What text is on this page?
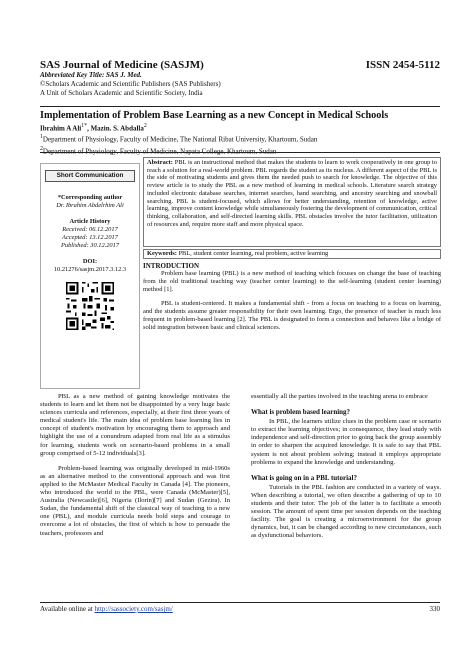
SAS Journal of Medicine (SASJM)	ISSN 2454-5112
Abbreviated Key Title: SAS J. Med.
©Scholars Academic and Scientific Publishers (SAS Publishers)
A Unit of Scholars Academic and Scientific Society, India
Implementation of Problem Base Learning as a new Concept in Medical Schools
Ibrahim A Ali$^{1*}$, Mazin. S. Abdalla$^2$
$^1$Department of Physiology, Faculty of Medicine, The National Ribat University, Khartoum, Sudan
$^2$Department of Physiology, Faculty of Medicine, Napata College, Khartoum, Sudan
Short Communication
*Corresponding author
Dr. Ibrahim Abdelrhim Ali
Article History
Received: 06.12.2017
Accepted: 13.12.2017
Published: 30.12.2017
DOI:
10.21276/sasjm.2017.3.12.3
Abstract: PBL is an instructional method that makes the students to learn to work cooperatively in one group to reach a solution for a real-world problem. PBL regards the student as its nucleus. A different aspect of the PBL is the side of motivating students and gives them the needed push to search for knowledge. The objective of this review article is to study the PBL as a new method of learning in medical schools. Literature search strategy included electronic database searches, internet searches, hand searching, and ancestry searching and snowball searching. PBL is student-focused, which allows for better understanding, retention of knowledge, active learning, improve content knowledge while simultaneously fostering the development of communication, critical thinking, collaboration, and self-directed learning skills. PBL obstacles involve the tutor facilitation, utilization of resources and, require more staff and more physical space.
Keywords: PBL, student center learning, real problem, active learning
INTRODUCTION

Problem base learning (PBL) is a new method of teaching which focuses on change the base of teaching from the old traditional teaching way (teacher center learning) to the self-learning (student center learning) method [1].

PBL is student-centered. It makes a fundamental shift - from a focus on teaching to a focus on learning, and the students assume greater responsibility for their own learning. Ergo, the presence of teacher is much less frequent in problem-based learning [2]. The PBL is designated to form a connection and behaves like a bridge of solid integration between basic and clinical sciences.

PBL as a new method of gaining knowledge motivates the students to learn and let them not be disappointed by a very huge basic sciences curricula and references, especially, at their first three years of medical student's life. The main idea of problem base learning lies in concept of student's motivation by encouraging them to approach and highlight the use of a conundrum adapted from real life as a stimulus for learning, students work on scenario-based problems in a small group comprised of 5-12 individuals[3].

Problem-based learning was originally developed in mid-1960s as an alternative method to the conventional approach and was first applied to the McMaster Medical Faculty in Canada [4]. The pioneers, who introduced the world to the PBL, were Canada (McMaster)[5], Australia (Newcastle)[6], Nigeria (Ilorin)[7] and Sudan (Gezira). In Sudan, the fundamental shift of the classical way of teaching to a new one (PBL), and module curricula needs bold steps and courage to overcome a lot of obstacles, the first of which is how to persuade the teachers, professors and

essentially all the parties involved in the teaching arena to embrace

What is problem based learning?

In PBL, the learners utilize clues in the problem case or scenario to extract the learning objectives; in consequence, they lead study with independence and self-direction prior to going back the group assembly in order to sharpen the acquired knowledge. It is safe to say that PBL system is not about problem solving; instead it employs appropriate problems to expand the knowledge and understanding.

What is going on in a PBL tutorial?

Tutorials in the PBL fashion are conducted in a variety of ways. When describing a tutorial, we often describe a gathering of up to 10 students and their tutor. The job of the latter is to facilitate a smooth session. The amount of spent time per session depends on the teaching facility. The goal is creating a microenvironment for the group dynamics, but, it can be changed according to new circumstances, such as dysfunctional behaviors.

Available online at http://sassociety.com/sasjm/	330
